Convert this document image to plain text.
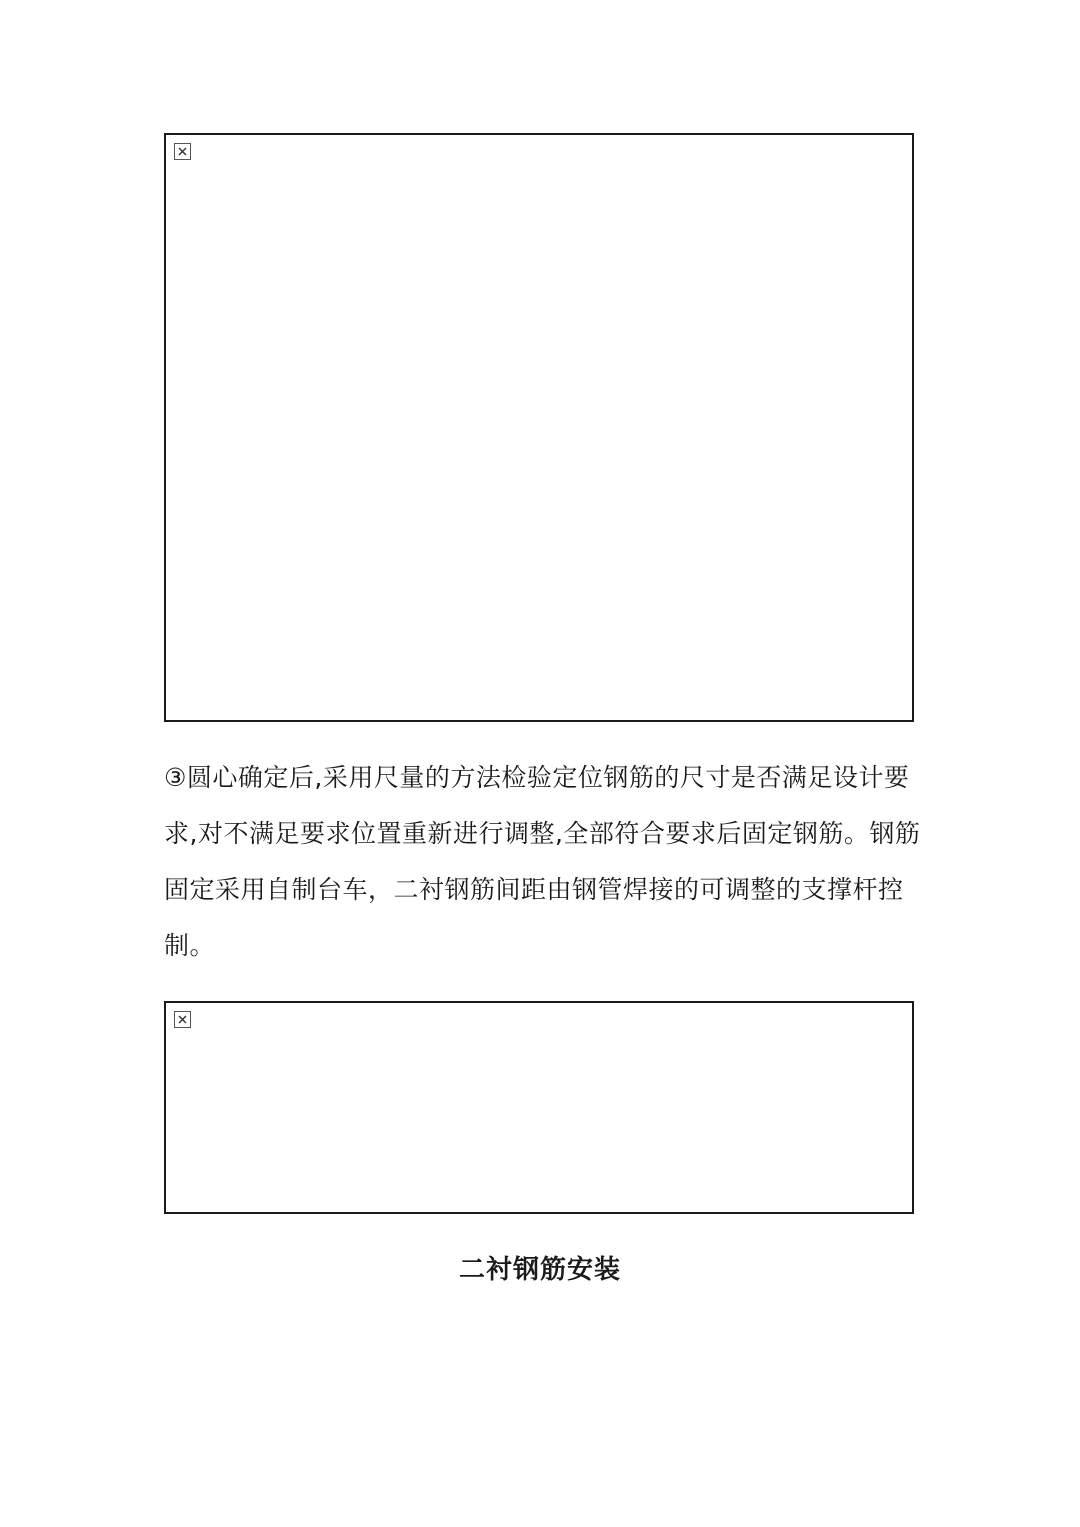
③圆心确定后,采用尺量的方法检验定位钢筋的尺寸是否满足设计要求,对不满足要求位置重新进行调整,全部符合要求后固定钢筋。钢筋固定采用自制台车，二衬钢筋间距由钢管焊接的可调整的支撑杆控制。
二衬钢筋安装
